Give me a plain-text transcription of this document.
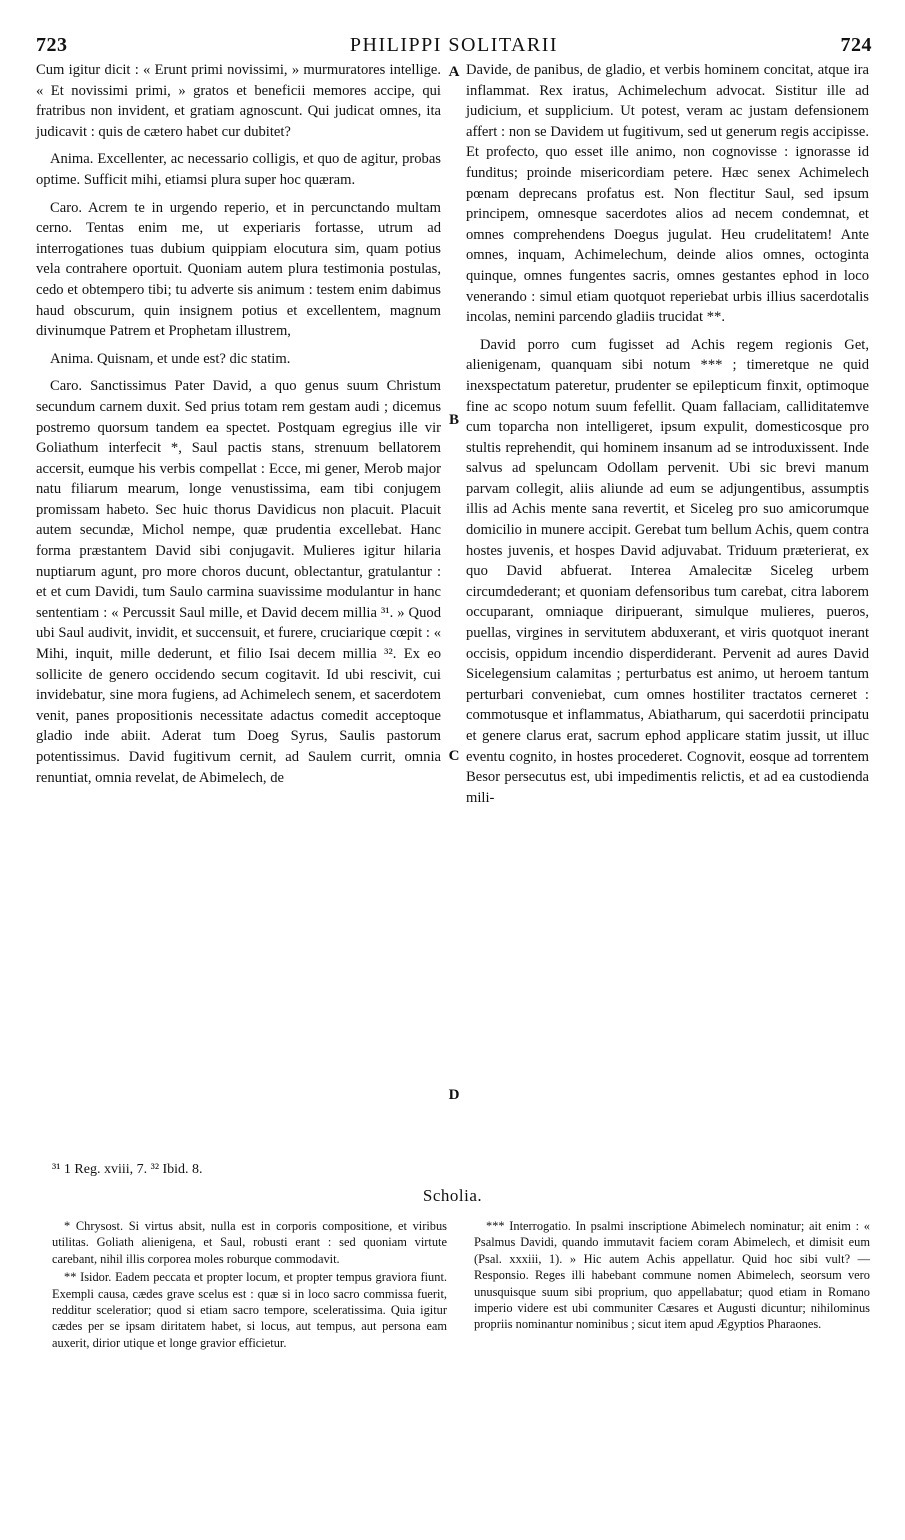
723	PHILIPPI SOLITARII	724

Cum igitur dicit : « Erunt primi novissimi, » murmuratores intellige. « Et novissimi primi, » gratos et beneficii memores accipe, qui fratribus non invident, et gratiam agnoscunt. Qui judicat omnes, ita judicavit : quis de cætero habet cur dubitet?

Anima. Excellenter, ac necessario colligis, et quo de agitur, probas optime. Sufficit mihi, etiamsi plura super hoc quæram.

Caro. Acrem te in urgendo reperio, et in percunctando multam cerno. Tentas enim me, ut experiaris fortasse, utrum ad interrogationes tuas dubium quippiam elocutura sim, quam potius vela contrahere oportuit. Quoniam autem plura testimonia postulas, cedo et obtempero tibi; tu adverte sis animum : testem enim dabimus haud obscurum, quin insignem potius et excellentem, magnum divinumque Patrem et Prophetam illustrem,

Anima. Quisnam, et unde est? dic statim.

Caro. Sanctissimus Pater David, a quo genus suum Christum secundum carnem duxit. Sed prius totam rem gestam audi ; dicemus postremo quorsum tandem ea spectet. Postquam egregius ille vir Goliathum interfecit *, Saul pactis stans, strenuum bellatorem accersit, eumque his verbis compellat : Ecce, mi gener, Merob major natu filiarum mearum, longe venustissima, eam tibi conjugem promissam habeto. Sec huic thorus Davidicus non placuit. Placuit autem secundæ, Michol nempe, quæ prudentia excellebat. Hanc forma præstantem David sibi conjugavit. Mulieres igitur hilaria nuptiarum agunt, pro more choros ducunt, oblectantur, gratulantur : et et cum Davidi, tum Saulo carmina suavissime modulantur in hanc sententiam : « Percussit Saul mille, et David decem millia ³¹. » Quod ubi Saul audivit, invidit, et succensuit, et furere, cruciarique cœpit : « Mihi, inquit, mille dederunt, et filio Isai decem millia ³². Ex eo sollicite de genero occidendo secum cogitavit. Id ubi rescivit, cui invidebatur, sine mora fugiens, ad Achimelech senem, et sacerdotem venit, panes propositionis necessitate adactus comedit acceptoque gladio inde abiit. Aderat tum Doeg Syrus, Saulis pastorum potentissimus. David fugitivum cernit, ad Saulem currit, omnia renuntiat, omnia revelat, de Abimelech, de

Davide, de panibus, de gladio, et verbis hominem concitat, atque ira inflammat. Rex iratus, Achimelechum advocat. Sistitur ille ad judicium, et supplicium. Ut potest, veram ac justam defensionem affert : non se Davidem ut fugitivum, sed ut generum regis accipisse. Et profecto, quo esset ille animo, non cognovisse : ignorasse id funditus; proinde misericordiam petere. Hæc senex Achimelech pœnam deprecans profatus est. Non flectitur Saul, sed ipsum principem, omnesque sacerdotes alios ad necem condemnat, et omnes comprehendens Doegus jugulat. Heu crudelitatem! Ante omnes, inquam, Achimelechum, deinde alios omnes, octoginta quinque, omnes fungentes sacris, omnes gestantes ephod in loco venerando : simul etiam quotquot reperiebat urbis illius sacerdotalis incolas, nemini parcendo gladiis trucidat **.

David porro cum fugisset ad Achis regem regionis Get, alienigenam, quanquam sibi notum *** ; timeretque ne quid inexspectatum pateretur, prudenter se epilepticum finxit, optimoque fine ac scopo notum suum fefellit. Quam fallaciam, calliditatemve cum toparcha non intelligeret, ipsum expulit, domesticosque pro stultis reprehendit, qui hominem insanum ad se introduxissent. Inde salvus ad speluncam Odollam pervenit. Ubi sic brevi manum parvam collegit, aliis aliunde ad eum se adjungentibus, assumptis illis ad Achis mente sana revertit, et Siceleg pro suo amicorumque domicilio in munere accipit. Gerebat tum bellum Achis, quem contra hostes juvenis, et hospes David adjuvabat. Triduum præterierat, ex quo David abfuerat. Interea Amalecitæ Siceleg urbem circumdederant; et quoniam defensoribus tum carebat, citra laborem occuparant, omniaque diripuerant, simulque mulieres, pueros, puellas, virgines in servitutem abduxerant, et viris quotquot inerant occisis, oppidum incendio disperdiderant. Pervenit ad aures David Sicelegensium calamitas ; perturbatus est animo, ut heroem tantum perturbari conveniebat, cum omnes hostiliter tractatos cerneret : commotusque et inflammatus, Abiatharum, qui sacerdotii principatu et genere clarus erat, sacrum ephod applicare statim jussit, ut illuc eventu cognito, in hostes procederet. Cognovit, eosque ad torrentem Besor persecutus est, ubi impedimentis relictis, et ad ea custodienda mili-

A
B
C
D
³¹ 1 Reg. xviii, 7. ³² Ibid. 8.
Scholia.

* Chrysost. Si virtus absit, nulla est in corporis compositione, et viribus utilitas. Goliath alienigena, et Saul, robusti erant : sed quoniam virtute carebant, nihil illis corporea moles roburque commodavit.

** Isidor. Eadem peccata et propter locum, et propter tempus graviora fiunt. Exempli causa, cædes grave scelus est : quæ si in loco sacro commissa fuerit, redditur sceleratior; quod si etiam sacro tempore, sceleratissima. Quia igitur cædes per se ipsam diritatem habet, si locus, aut tempus, aut persona eam auxerit, dirior utique et longe gravior efficietur.

*** Interrogatio. In psalmi inscriptione Abimelech nominatur; ait enim : « Psalmus Davidi, quando immutavit faciem coram Abimelech, et dimisit eum (Psal. xxxiii, 1). » Hic autem Achis appellatur. Quid hoc sibi vult? — Responsio. Reges illi habebant commune nomen Abimelech, seorsum vero unusquisque suum sibi proprium, quo appellabatur; quod etiam in Romano imperio videre est ubi communiter Cæsares et Augusti dicuntur; nihilominus propriis nominantur nominibus ; sicut item apud Ægyptios Pharaones.
